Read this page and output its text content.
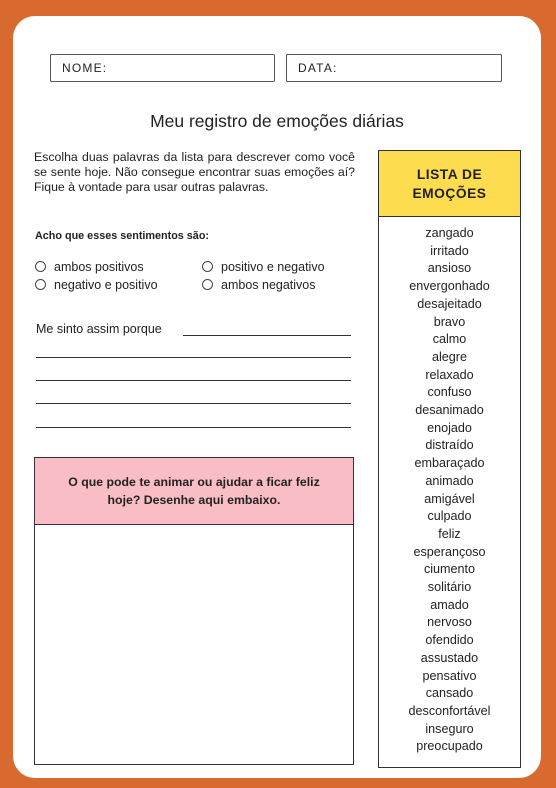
NOME:	DATA:
Meu registro de emoções diárias
Escolha duas palavras da lista para descrever como você se sente hoje. Não consegue encontrar suas emoções aí? Fique à vontade para usar outras palavras.
Acho que esses sentimentos são:
ambos positivos	positivo e negativo
negativo e positivo	ambos negativos
Me sinto assim porque
O que pode te animar ou ajudar a ficar feliz hoje? Desenhe aqui embaixo.
LISTA DE EMOÇÕES
zangado
irritado
ansioso
envergonhado
desajeitado
bravo
calmo
alegre
relaxado
confuso
desanimado
enojado
distraído
embaraçado
animado
amigável
culpado
feliz
esperançoso
ciumento
solitário
amado
nervoso
ofendido
assustado
pensativo
cansado
desconfortável
inseguro
preocupado
